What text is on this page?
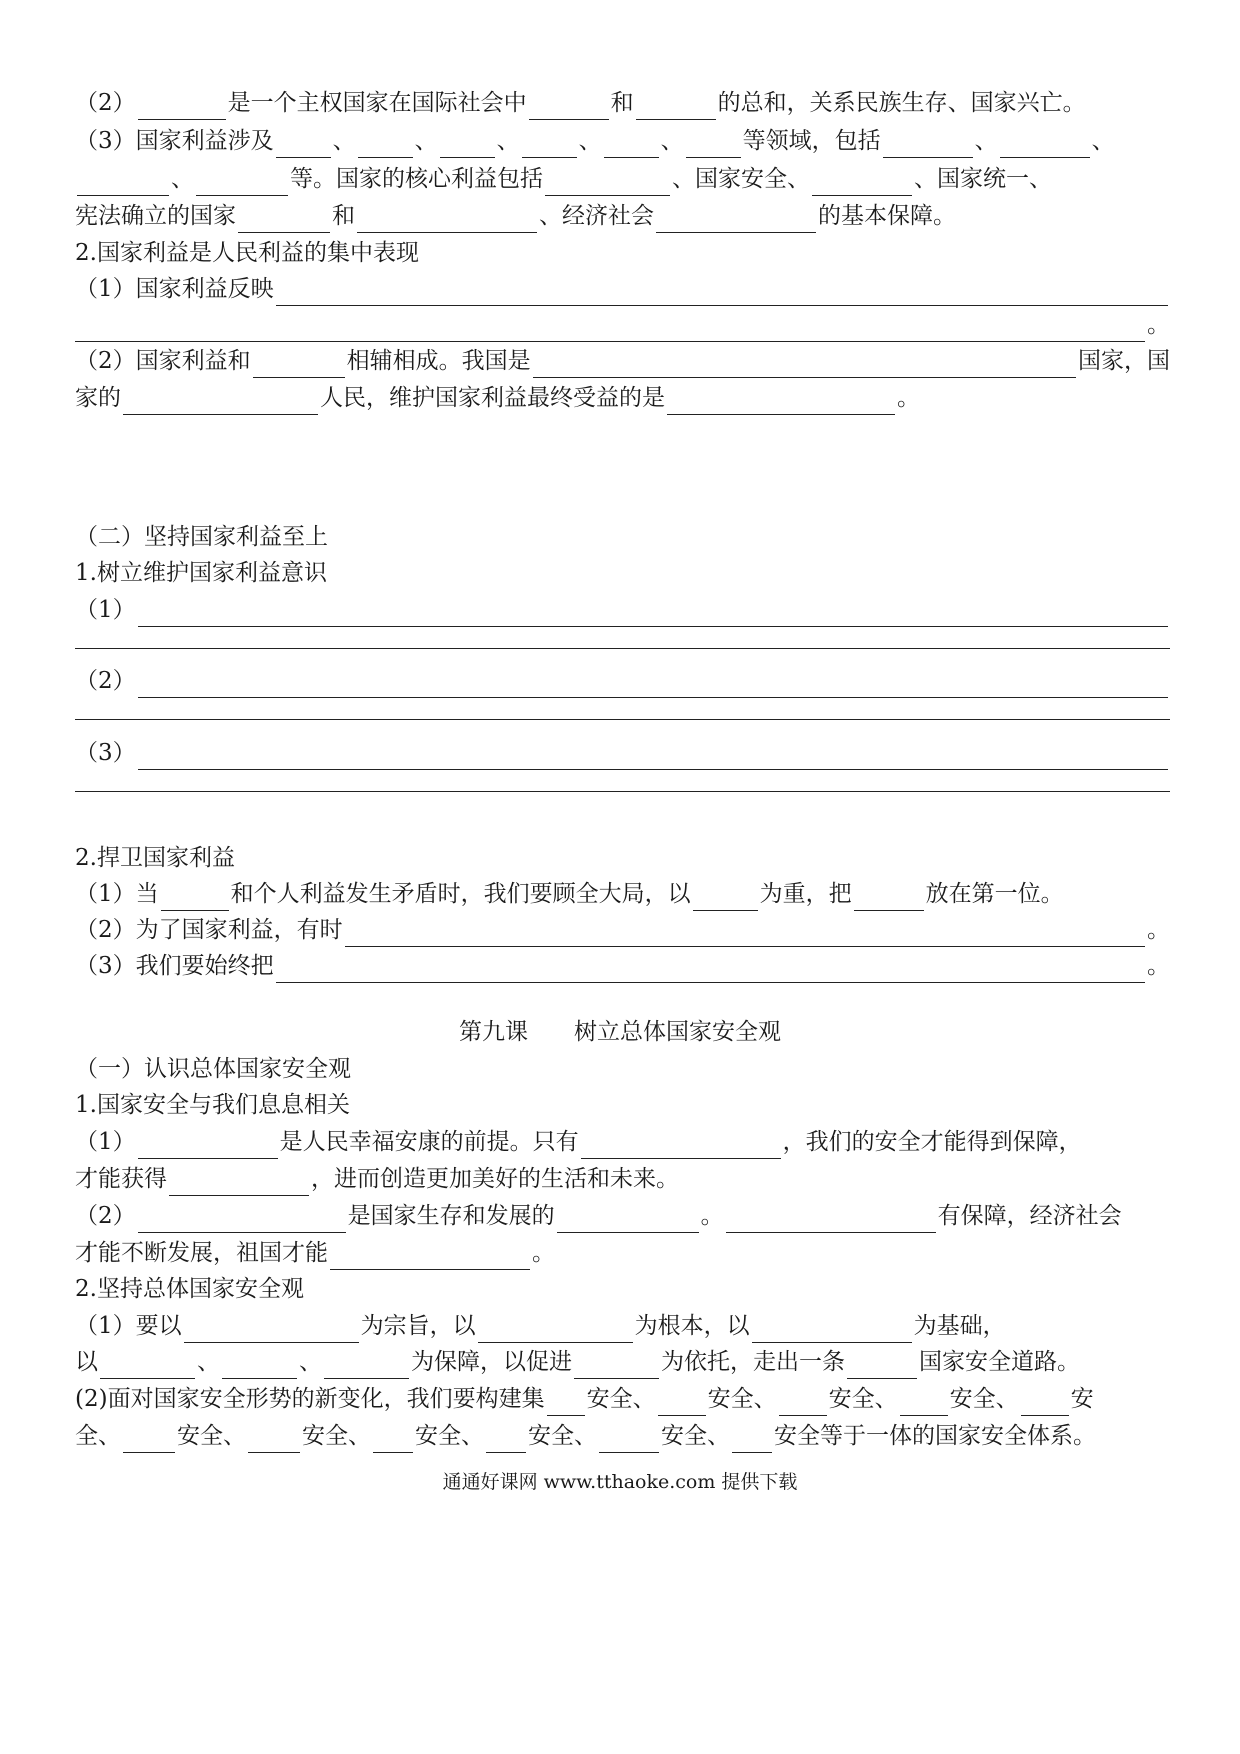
（2）	是一个主权国家在国际社会中	和	的总和，关系民族生存、国家兴亡。
（3）国家利益涉及	、	、	、	、	、	等领域，包括	、	、
、	等。国家的核心利益包括	、国家安全、	、国家统一、
宪法确立的国家	和	、经济社会	的基本保障。
2.国家利益是人民利益的集中表现
（1）国家利益反映
。
（2）国家利益和	相辅相成。我国是	国家，国
家的	人民，维护国家利益最终受益的是	。
（二）坚持国家利益至上
1.树立维护国家利益意识
（1）
（2）
（3）
2.捍卫国家利益
（1）当	和个人利益发生矛盾时，我们要顾全大局，以	为重，把	放在第一位。
（2）为了国家利益，有时	。
（3）我们要始终把	。
第九课　　树立总体国家安全观
（一）认识总体国家安全观
1.国家安全与我们息息相关
（1）	是人民幸福安康的前提。只有	，我们的安全才能得到保障，
才能获得	，进而创造更加美好的生活和未来。
（2）	是国家生存和发展的	。	有保障，经济社会
才能不断发展，祖国才能	。
2.坚持总体国家安全观
（1）要以	为宗旨，以	为根本，以	为基础，
以	、	、	为保障，以促进	为依托，走出一条	国家安全道路。
(2)面对国家安全形势的新变化，我们要构建集 安全、 安全、 安全、 安全、 安
全、 安全、 安全、 安全、 安全、	安全、 安全等于一体的国家安全体系。
通通好课网 www.tthaoke.com 提供下载
